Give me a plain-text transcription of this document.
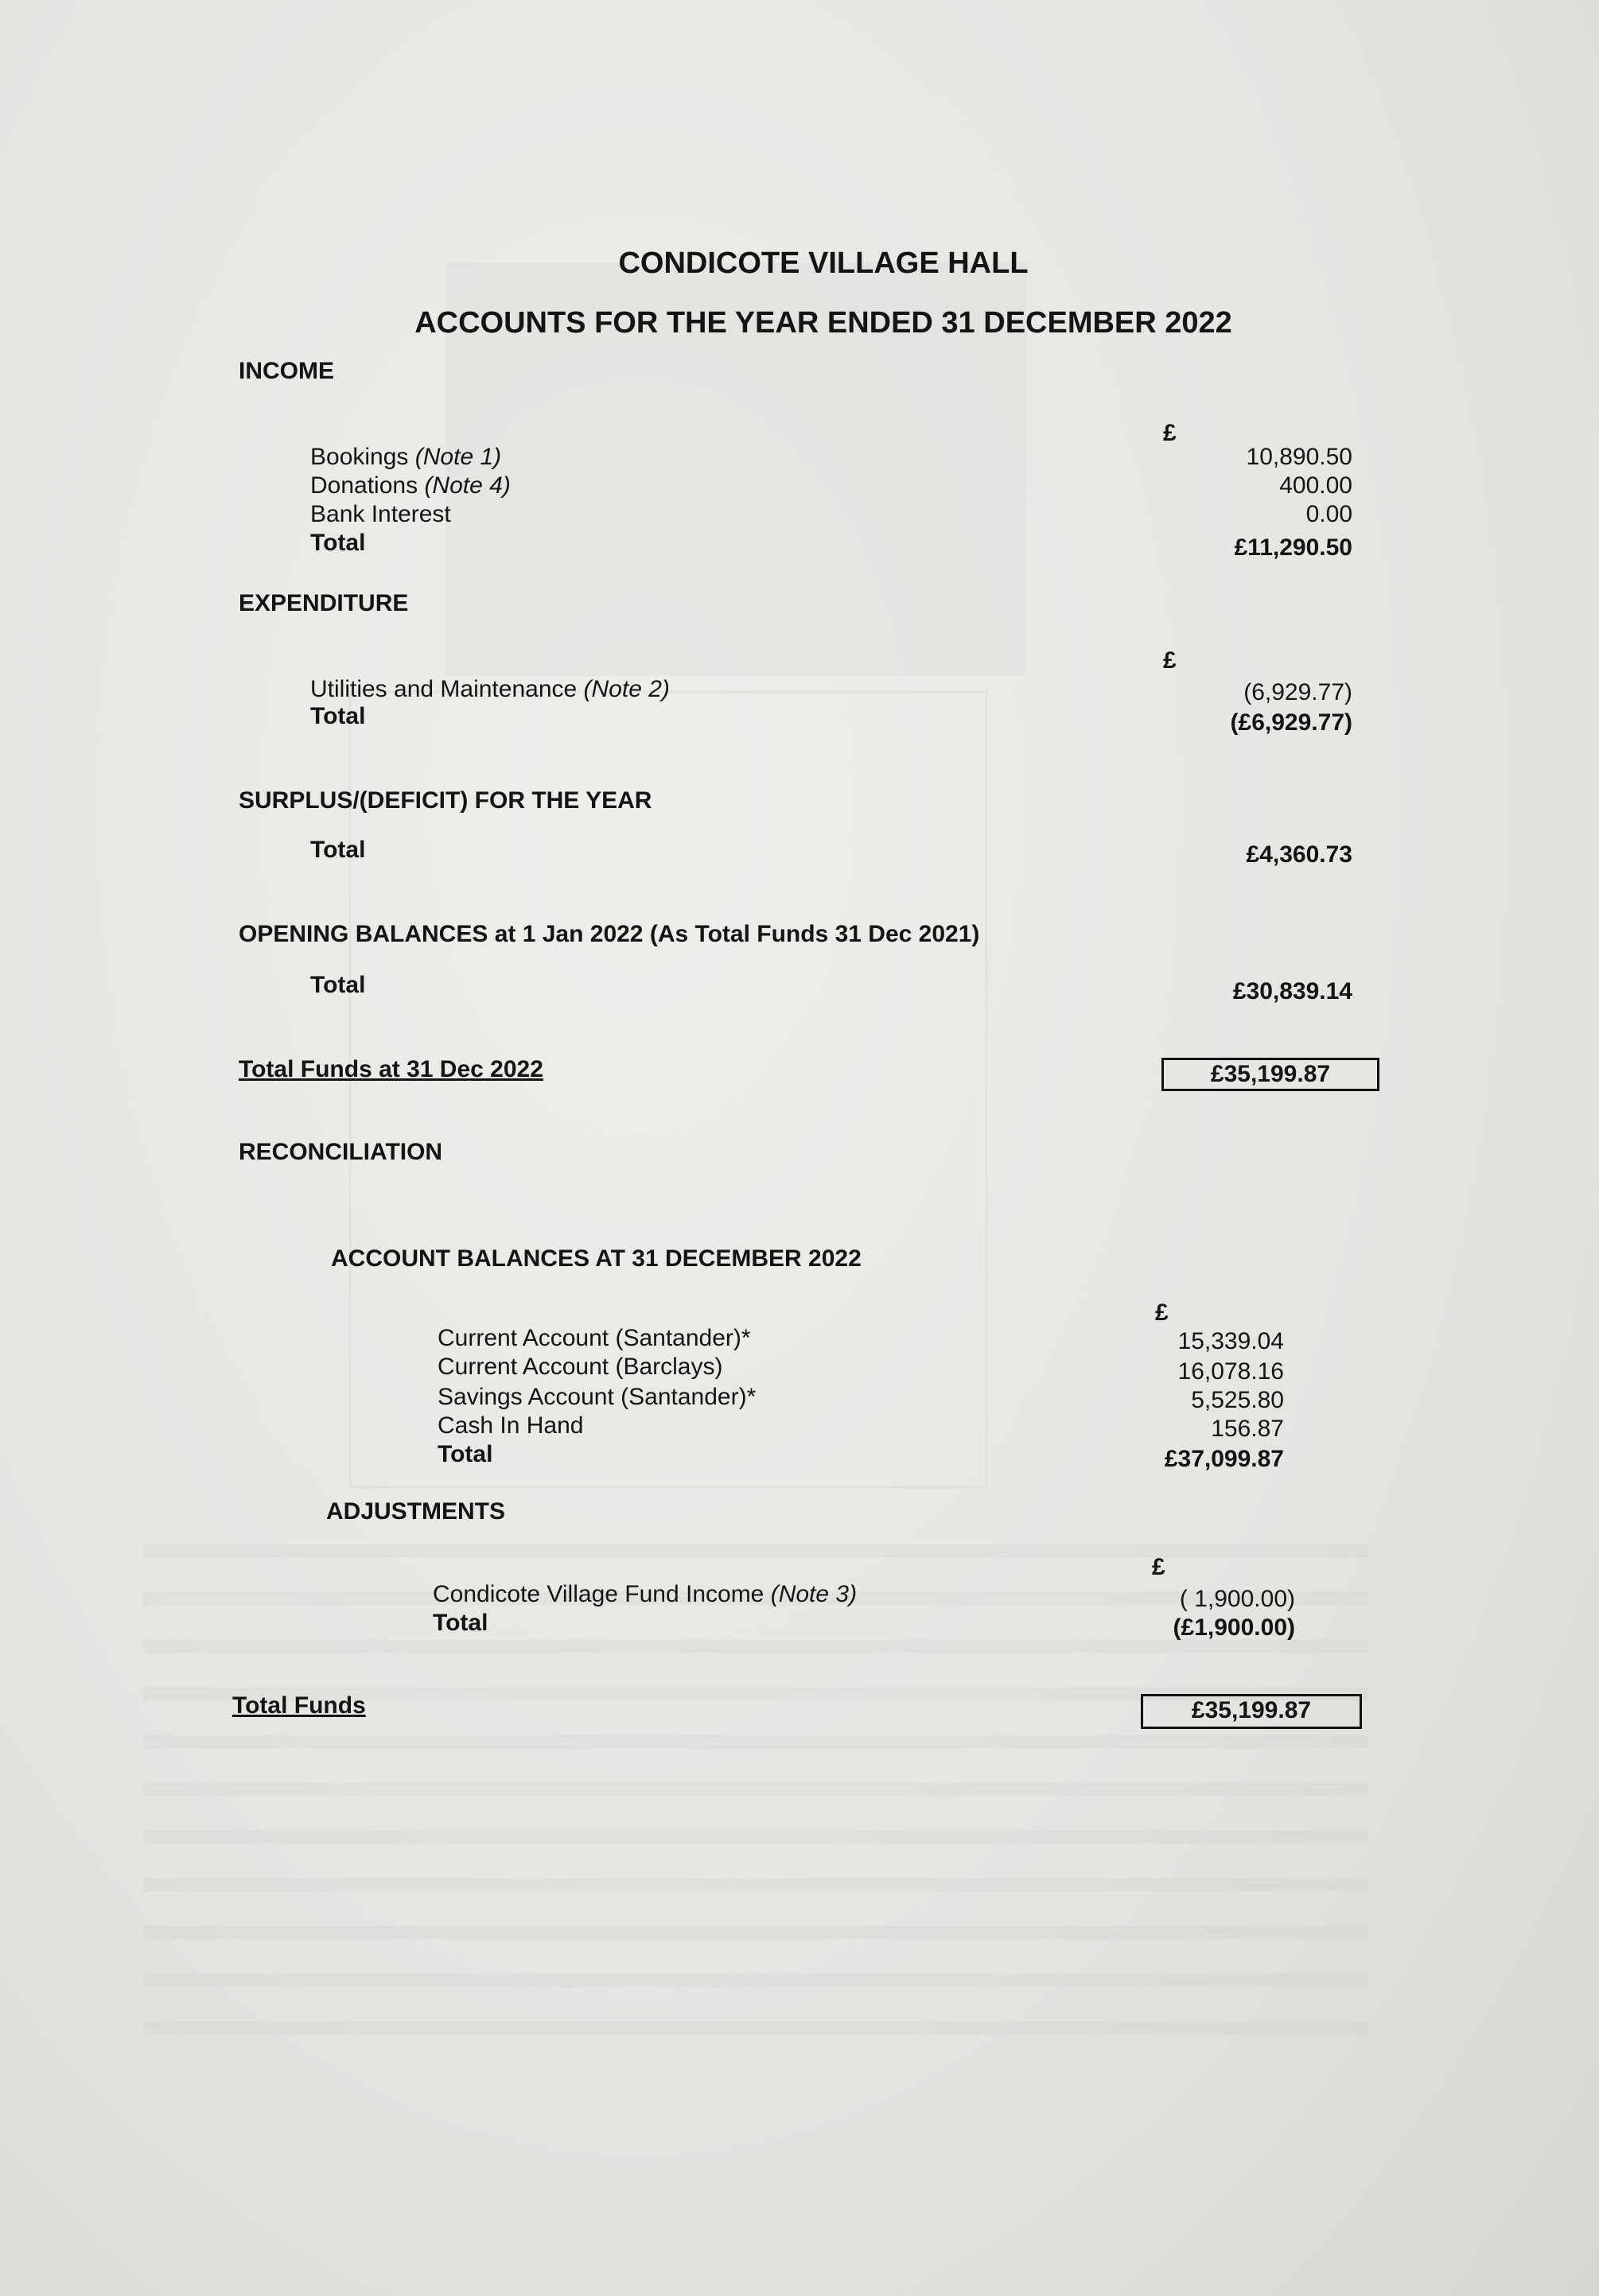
CONDICOTE VILLAGE HALL
ACCOUNTS FOR THE YEAR ENDED 31 DECEMBER 2022
INCOME
£
Bookings (Note 1)	10,890.50
Donations (Note 4)	400.00
Bank Interest	0.00
Total	£11,290.50
EXPENDITURE
£
Utilities and Maintenance (Note 2)	(6,929.77)
Total	(£6,929.77)
SURPLUS/(DEFICIT) FOR THE YEAR
Total	£4,360.73
OPENING BALANCES at 1 Jan 2022 (As Total Funds 31 Dec 2021)
Total	£30,839.14
Total Funds at 31 Dec 2022	£35,199.87
RECONCILIATION
ACCOUNT BALANCES AT 31 DECEMBER 2022
£
Current Account (Santander)*	15,339.04
Current Account (Barclays)	16,078.16
Savings Account (Santander)*	5,525.80
Cash In Hand	156.87
Total	£37,099.87
ADJUSTMENTS
£
Condicote Village Fund Income (Note 3)	( 1,900.00)
Total	(£1,900.00)
Total Funds	£35,199.87
